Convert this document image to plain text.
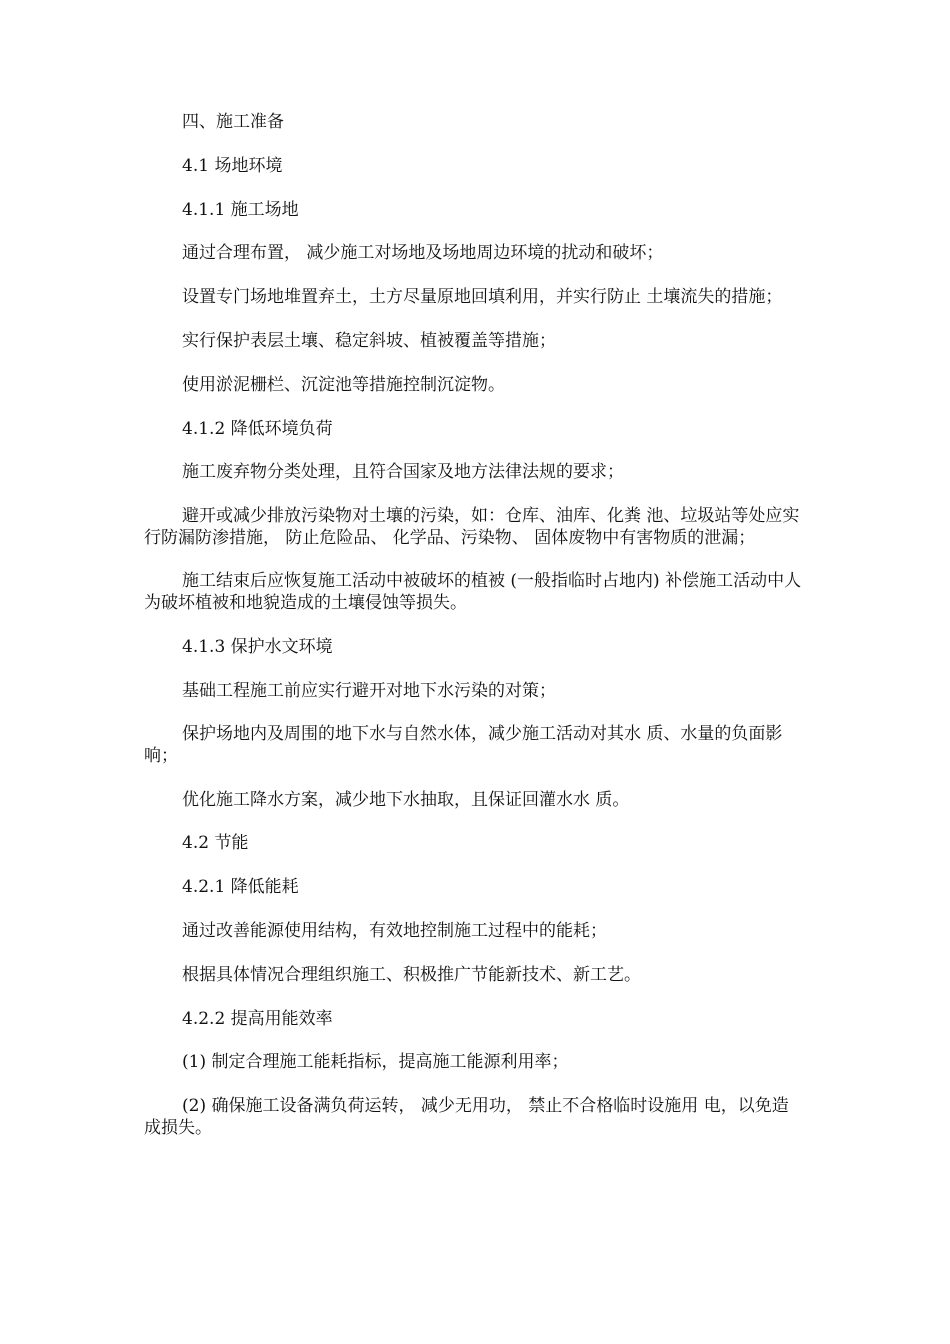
四、施工准备

4.1 场地环境

4.1.1 施工场地

通过合理布置， 减少施工对场地及场地周边环境的扰动和破坏；

设置专门场地堆置弃土，土方尽量原地回填利用，并实行防止 土壤流失的措施；

实行保护表层土壤、稳定斜坡、植被覆盖等措施；

使用淤泥栅栏、沉淀池等措施控制沉淀物。

4.1.2 降低环境负荷

施工废弃物分类处理，且符合国家及地方法律法规的要求；

避开或减少排放污染物对土壤的污染，如：仓库、油库、化粪 池、垃圾站等处应实行防漏防渗措施， 防止危险品、 化学品、污染物、 固体废物中有害物质的泄漏；

施工结束后应恢复施工活动中被破坏的植被 (一般指临时占地内) 补偿施工活动中人为破坏植被和地貌造成的土壤侵蚀等损失。

4.1.3 保护水文环境

基础工程施工前应实行避开对地下水污染的对策；

保护场地内及周围的地下水与自然水体，减少施工活动对其水 质、水量的负面影响；

优化施工降水方案，减少地下水抽取，且保证回灌水水 质。

4.2 节能

4.2.1 降低能耗

通过改善能源使用结构，有效地控制施工过程中的能耗；

根据具体情况合理组织施工、积极推广节能新技术、新工艺。

4.2.2 提高用能效率

(1) 制定合理施工能耗指标，提高施工能源利用率；

(2) 确保施工设备满负荷运转， 减少无用功， 禁止不合格临时设施用 电，以免造成损失。
